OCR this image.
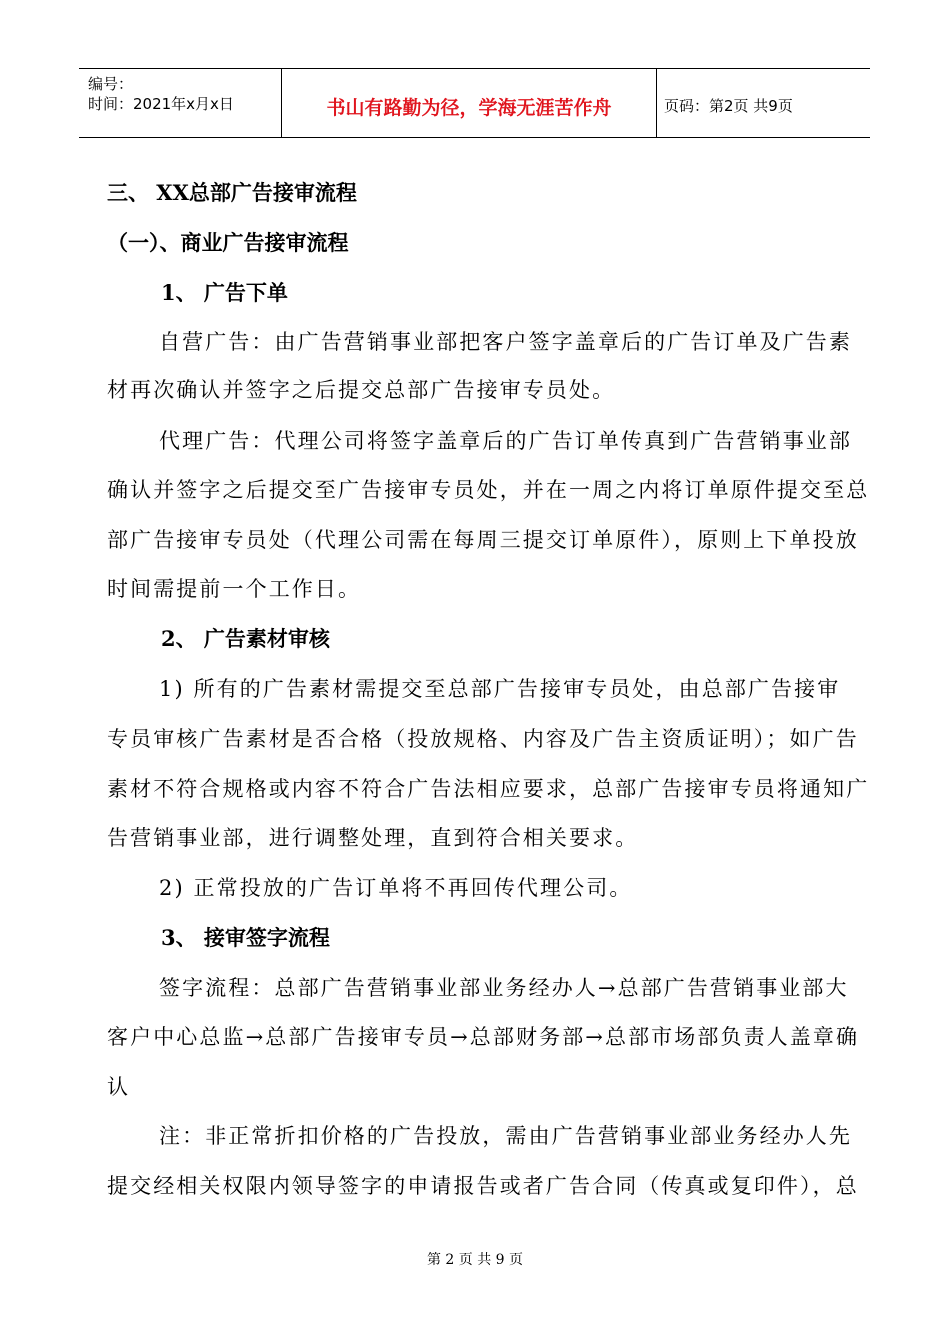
编号：
时间：2021年x月x日	书山有路勤为径，学海无涯苦作舟	页码：第2页 共9页
三、 XX总部广告接审流程
（一）、商业广告接审流程
1、 广告下单
自营广告：由广告营销事业部把客户签字盖章后的广告订单及广告素
材再次确认并签字之后提交总部广告接审专员处。
代理广告：代理公司将签字盖章后的广告订单传真到广告营销事业部
确认并签字之后提交至广告接审专员处，并在一周之内将订单原件提交至总
部广告接审专员处（代理公司需在每周三提交订单原件），原则上下单投放
时间需提前一个工作日。
2、 广告素材审核
1) 所有的广告素材需提交至总部广告接审专员处，由总部广告接审
专员审核广告素材是否合格（投放规格、内容及广告主资质证明）；如广告
素材不符合规格或内容不符合广告法相应要求，总部广告接审专员将通知广
告营销事业部，进行调整处理，直到符合相关要求。
2) 正常投放的广告订单将不再回传代理公司。
3、 接审签字流程
签字流程：总部广告营销事业部业务经办人→总部广告营销事业部大
客户中心总监→总部广告接审专员→总部财务部→总部市场部负责人盖章确
认
注：非正常折扣价格的广告投放，需由广告营销事业部业务经办人先
提交经相关权限内领导签字的申请报告或者广告合同（传真或复印件），总
第 2 页 共 9 页
